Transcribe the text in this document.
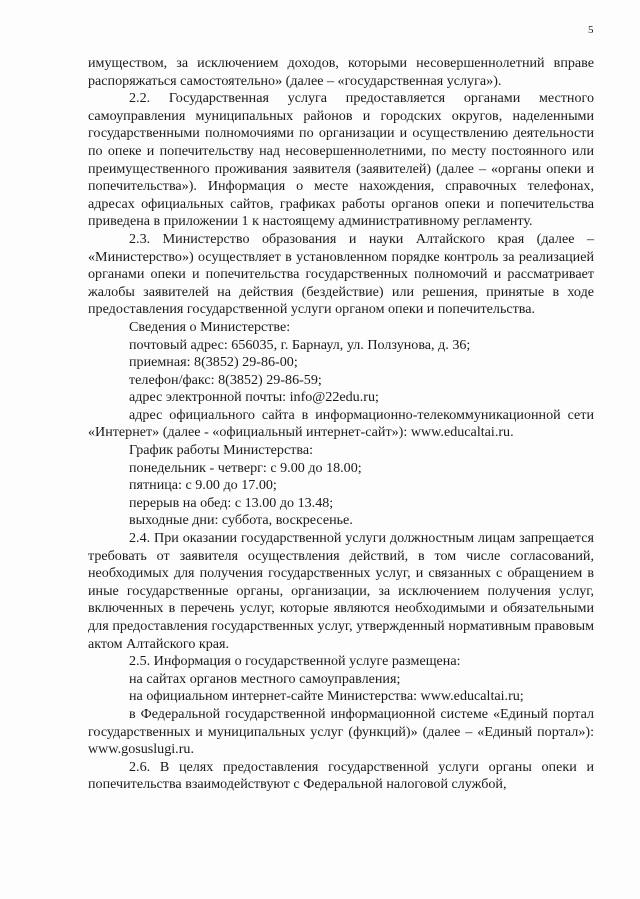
5

имуществом, за исключением доходов, которыми несовершеннолетний вправе распоряжаться самостоятельно» (далее – «государственная услуга»).

2.2. Государственная услуга предоставляется органами местного самоуправления муниципальных районов и городских округов, наделенными государственными полномочиями по организации и осуществлению деятельности по опеке и попечительству над несовершеннолетними, по месту постоянного или преимущественного проживания заявителя (заявителей) (далее – «органы опеки и попечительства»). Информация о месте нахождения, справочных телефонах, адресах официальных сайтов, графиках работы органов опеки и попечительства приведена в приложении 1 к настоящему административному регламенту.

2.3. Министерство образования и науки Алтайского края (далее – «Министерство») осуществляет в установленном порядке контроль за реализацией органами опеки и попечительства государственных полномочий и рассматривает жалобы заявителей на действия (бездействие) или решения, принятые в ходе предоставления государственной услуги органом опеки и попечительства.

Сведения о Министерстве:

почтовый адрес: 656035, г. Барнаул, ул. Ползунова, д. 36;

приемная: 8(3852) 29-86-00;

телефон/факс: 8(3852) 29-86-59;

адрес электронной почты: info@22edu.ru;

адрес официального сайта в информационно-телекоммуникационной сети «Интернет» (далее - «официальный интернет-сайт»): www.educaltai.ru.

График работы Министерства:

понедельник - четверг: с 9.00 до 18.00;

пятница: с 9.00 до 17.00;

перерыв на обед: с 13.00 до 13.48;

выходные дни: суббота, воскресенье.

2.4. При оказании государственной услуги должностным лицам запрещается требовать от заявителя осуществления действий, в том числе согласований, необходимых для получения государственных услуг, и связанных с обращением в иные государственные органы, организации, за исключением получения услуг, включенных в перечень услуг, которые являются необходимыми и обязательными для предоставления государственных услуг, утвержденный нормативным правовым актом Алтайского края.

2.5. Информация о государственной услуге размещена:

на сайтах органов местного самоуправления;

на официальном интернет-сайте Министерства: www.educaltai.ru;

в Федеральной государственной информационной системе «Единый портал государственных и муниципальных услуг (функций)» (далее – «Единый портал»): www.gosuslugi.ru.

2.6. В целях предоставления государственной услуги органы опеки и попечительства взаимодействуют с Федеральной налоговой службой,
